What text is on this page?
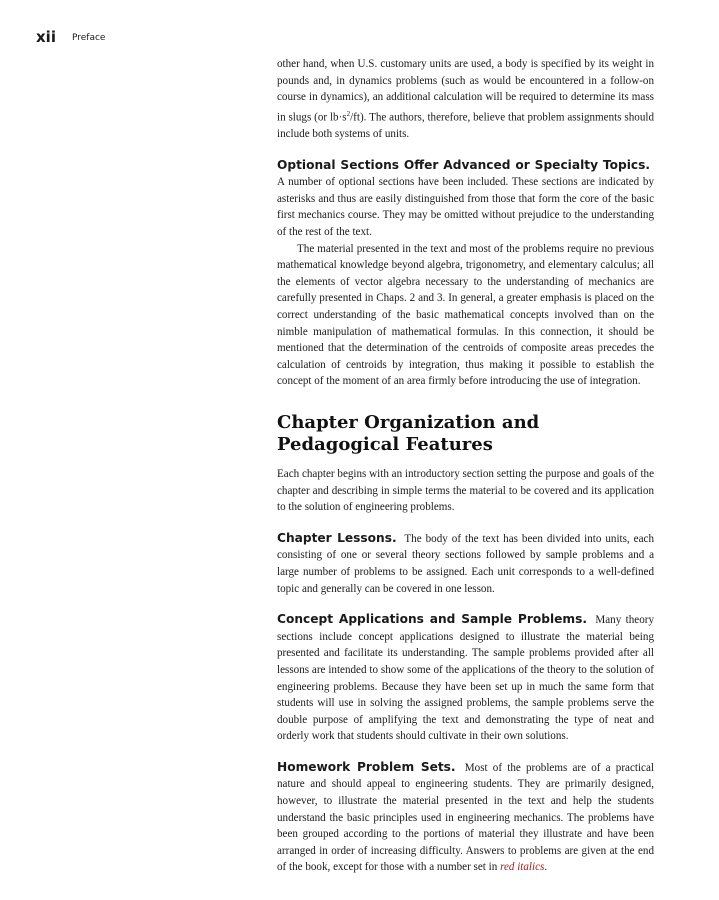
xii Preface

other hand, when U.S. customary units are used, a body is specified by its weight in pounds and, in dynamics problems (such as would be encountered in a follow-on course in dynamics), an additional calculation will be required to determine its mass in slugs (or $lb\cdot s^2/ft$). The authors, therefore, believe that problem assignments should include both systems of units.

Optional Sections Offer Advanced or Specialty Topics. A number of optional sections have been included. These sections are indicated by asterisks and thus are easily distinguished from those that form the core of the basic first mechanics course. They may be omitted without prejudice to the understanding of the rest of the text.

The material presented in the text and most of the problems require no previous mathematical knowledge beyond algebra, trigonometry, and elementary calculus; all the elements of vector algebra necessary to the understanding of mechanics are carefully presented in Chaps. 2 and 3. In general, a greater emphasis is placed on the correct understanding of the basic mathematical concepts involved than on the nimble manipulation of mathematical formulas. In this connection, it should be mentioned that the determination of the centroids of composite areas precedes the calculation of centroids by integration, thus making it possible to establish the concept of the moment of an area firmly before introducing the use of integration.

Chapter Organization and
Pedagogical Features

Each chapter begins with an introductory section setting the purpose and goals of the chapter and describing in simple terms the material to be covered and its application to the solution of engineering problems.

Chapter Lessons. The body of the text has been divided into units, each consisting of one or several theory sections followed by sample problems and a large number of problems to be assigned. Each unit corresponds to a well-defined topic and generally can be covered in one lesson.

Concept Applications and Sample Problems. Many theory sections include concept applications designed to illustrate the material being presented and facilitate its understanding. The sample problems provided after all lessons are intended to show some of the applications of the theory to the solution of engineering problems. Because they have been set up in much the same form that students will use in solving the assigned problems, the sample problems serve the double purpose of amplifying the text and demonstrating the type of neat and orderly work that students should cultivate in their own solutions.

Homework Problem Sets. Most of the problems are of a practical nature and should appeal to engineering students. They are primarily designed, however, to illustrate the material presented in the text and help the students understand the basic principles used in engineering mechanics. The problems have been grouped according to the portions of material they illustrate and have been arranged in order of increasing difficulty. Answers to problems are given at the end of the book, except for those with a number set in red italics.
